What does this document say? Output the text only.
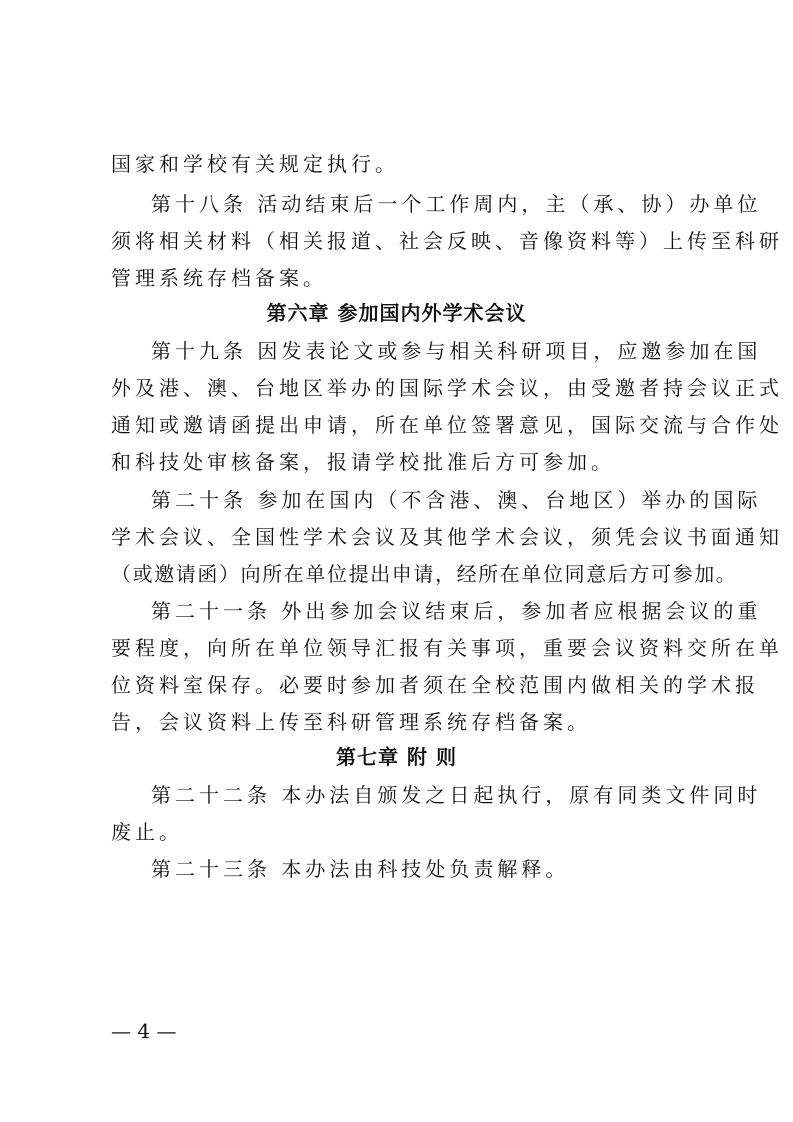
国家和学校有关规定执行。
第十八条 活动结束后一个工作周内，主（承、协）办单位
须将相关材料（相关报道、社会反映、音像资料等）上传至科研
管理系统存档备案。
第六章 参加国内外学术会议
第十九条 因发表论文或参与相关科研项目，应邀参加在国
外及港、澳、台地区举办的国际学术会议，由受邀者持会议正式
通知或邀请函提出申请，所在单位签署意见，国际交流与合作处
和科技处审核备案，报请学校批准后方可参加。
第二十条 参加在国内（不含港、澳、台地区）举办的国际
学术会议、全国性学术会议及其他学术会议，须凭会议书面通知
（或邀请函）向所在单位提出申请，经所在单位同意后方可参加。
第二十一条 外出参加会议结束后，参加者应根据会议的重
要程度，向所在单位领导汇报有关事项，重要会议资料交所在单
位资料室保存。必要时参加者须在全校范围内做相关的学术报
告，会议资料上传至科研管理系统存档备案。
第七章 附 则
第二十二条 本办法自颁发之日起执行，原有同类文件同时
废止。
第二十三条 本办法由科技处负责解释。
— 4 —
